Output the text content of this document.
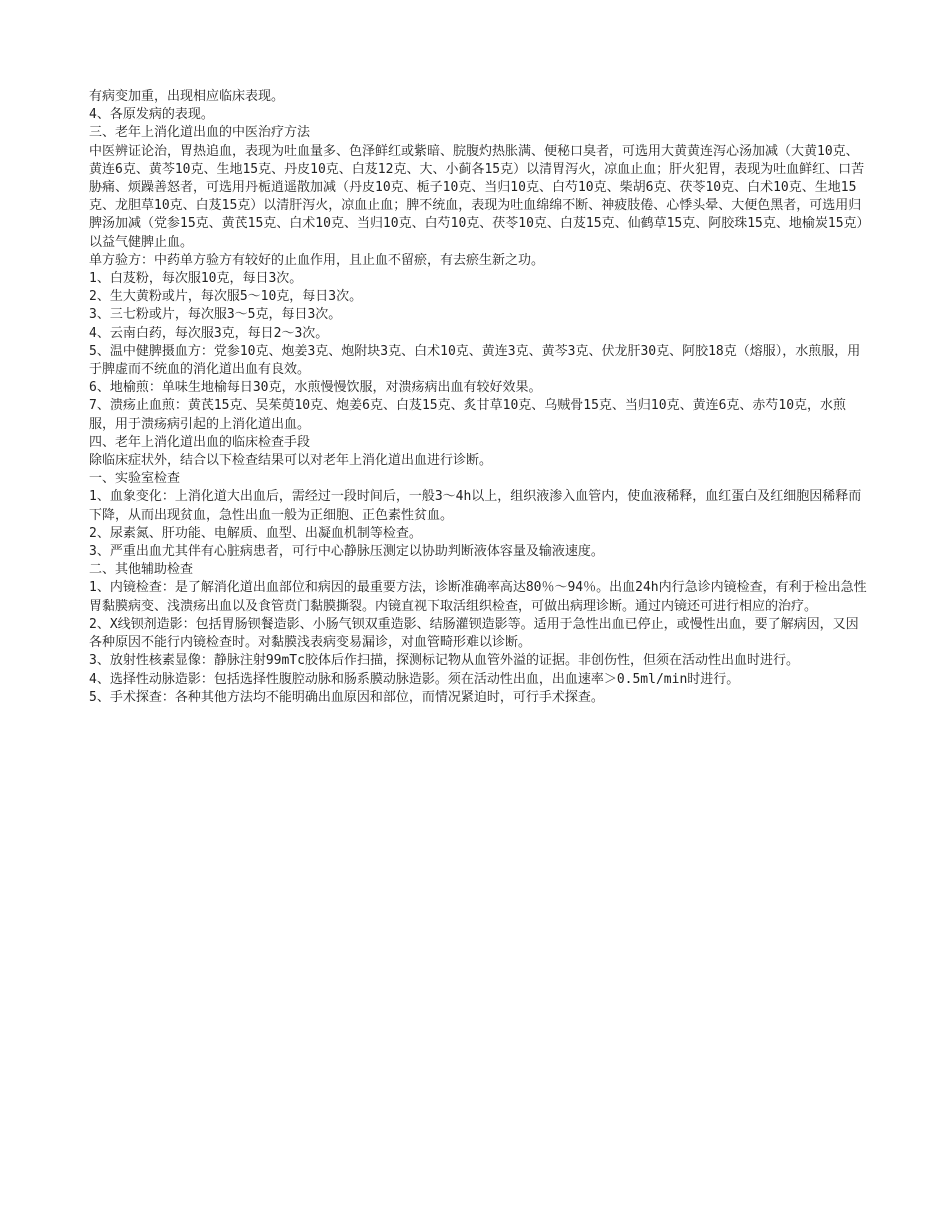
有病变加重，出现相应临床表现。

4、各原发病的表现。

三、老年上消化道出血的中医治疗方法

中医辨证论治，胃热追血，表现为吐血量多、色泽鲜红或紫暗、脘腹灼热胀满、便秘口臭者，可选用大黄黄连泻心汤加减（大黄10克、黄连6克、黄芩10克、生地15克、丹皮10克、白芨12克、大、小蓟各15克）以清胃泻火，凉血止血；肝火犯胃，表现为吐血鲜红、口苦胁痛、烦躁善怒者，可选用丹栀逍遥散加减（丹皮10克、栀子10克、当归10克、白芍10克、柴胡6克、茯苓10克、白术10克、生地15克、龙胆草10克、白芨15克）以清肝泻火，凉血止血；脾不统血，表现为吐血绵绵不断、神疲肢倦、心悸头晕、大便色黑者，可选用归脾汤加减（党参15克、黄芪15克、白术10克、当归10克、白芍10克、茯苓10克、白芨15克、仙鹤草15克、阿胶珠15克、地榆炭15克）以益气健脾止血。

单方验方：中药单方验方有较好的止血作用，且止血不留瘀，有去瘀生新之功。

1、白芨粉，每次服10克，每日3次。

2、生大黄粉或片，每次服5～10克，每日3次。

3、三七粉或片，每次服3～5克，每日3次。

4、云南白药，每次服3克，每日2～3次。

5、温中健脾摄血方：党参10克、炮姜3克、炮附块3克、白术10克、黄连3克、黄芩3克、伏龙肝30克、阿胶18克（熔服），水煎服，用于脾虚而不统血的消化道出血有良效。

6、地榆煎：单味生地榆每日30克，水煎慢慢饮服，对溃疡病出血有较好效果。

7、溃疡止血煎：黄芪15克、吴茱萸10克、炮姜6克、白芨15克、炙甘草10克、乌贼骨15克、当归10克、黄连6克、赤芍10克，水煎服，用于溃疡病引起的上消化道出血。

四、老年上消化道出血的临床检查手段

除临床症状外，结合以下检查结果可以对老年上消化道出血进行诊断。

一、实验室检查

1、血象变化：上消化道大出血后，需经过一段时间后，一般3～4h以上，组织液渗入血管内，使血液稀释，血红蛋白及红细胞因稀释而下降，从而出现贫血，急性出血一般为正细胞、正色素性贫血。

2、尿素氮、肝功能、电解质、血型、出凝血机制等检查。

3、严重出血尤其伴有心脏病患者，可行中心静脉压测定以协助判断液体容量及输液速度。

二、其他辅助检查

1、内镜检查：是了解消化道出血部位和病因的最重要方法，诊断准确率高达80％～94％。出血24h内行急诊内镜检查，有利于检出急性胃黏膜病变、浅溃疡出血以及食管贲门黏膜撕裂。内镜直视下取活组织检查，可做出病理诊断。通过内镜还可进行相应的治疗。

2、X线钡剂造影：包括胃肠钡餐造影、小肠气钡双重造影、结肠灌钡造影等。适用于急性出血已停止，或慢性出血，要了解病因，又因各种原因不能行内镜检查时。对黏膜浅表病变易漏诊，对血管畸形难以诊断。

3、放射性核素显像：静脉注射99mTc胶体后作扫描，探测标记物从血管外溢的证据。非创伤性，但须在活动性出血时进行。

4、选择性动脉造影：包括选择性腹腔动脉和肠系膜动脉造影。须在活动性出血，出血速率＞0.5ml/min时进行。

5、手术探查：各种其他方法均不能明确出血原因和部位，而情况紧迫时，可行手术探查。
